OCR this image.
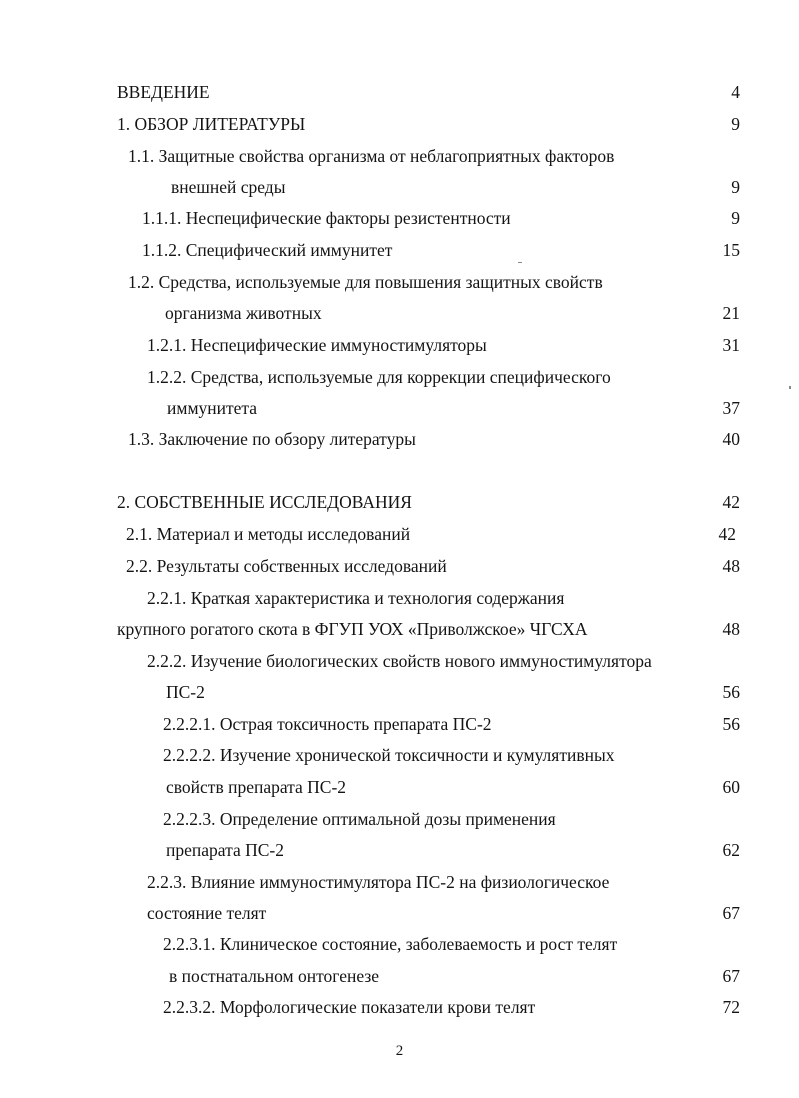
ВВЕДЕНИЕ	4
1. ОБЗОР ЛИТЕРАТУРЫ	9
1.1. Защитные свойства организма от неблагоприятных факторов
внешней среды	9
1.1.1. Неспецифические факторы резистентности	9
1.1.2. Специфический иммунитет	15
1.2. Средства, используемые для повышения защитных свойств
организма животных	21
1.2.1. Неспецифические иммуностимуляторы	31
1.2.2. Средства, используемые для коррекции специфического
иммунитета	37
1.3. Заключение по обзору литературы	40
2. СОБСТВЕННЫЕ ИССЛЕДОВАНИЯ	42
2.1. Материал и методы исследований	42
2.2. Результаты собственных исследований	48
2.2.1. Краткая характеристика и технология содержания
крупного рогатого скота в ФГУП УОХ «Приволжское» ЧГСХА	48
2.2.2. Изучение биологических свойств нового иммуностимулятора
ПС-2	56
2.2.2.1. Острая токсичность препарата ПС-2	56
2.2.2.2. Изучение хронической токсичности и кумулятивных
свойств препарата ПС-2	60
2.2.2.3. Определение оптимальной дозы применения
препарата ПС-2	62
2.2.3. Влияние иммуностимулятора ПС-2 на физиологическое
состояние телят	67
2.2.3.1. Клиническое состояние, заболеваемость и рост телят
в постнатальном онтогенезе	67
2.2.3.2. Морфологические показатели крови телят	72
2
